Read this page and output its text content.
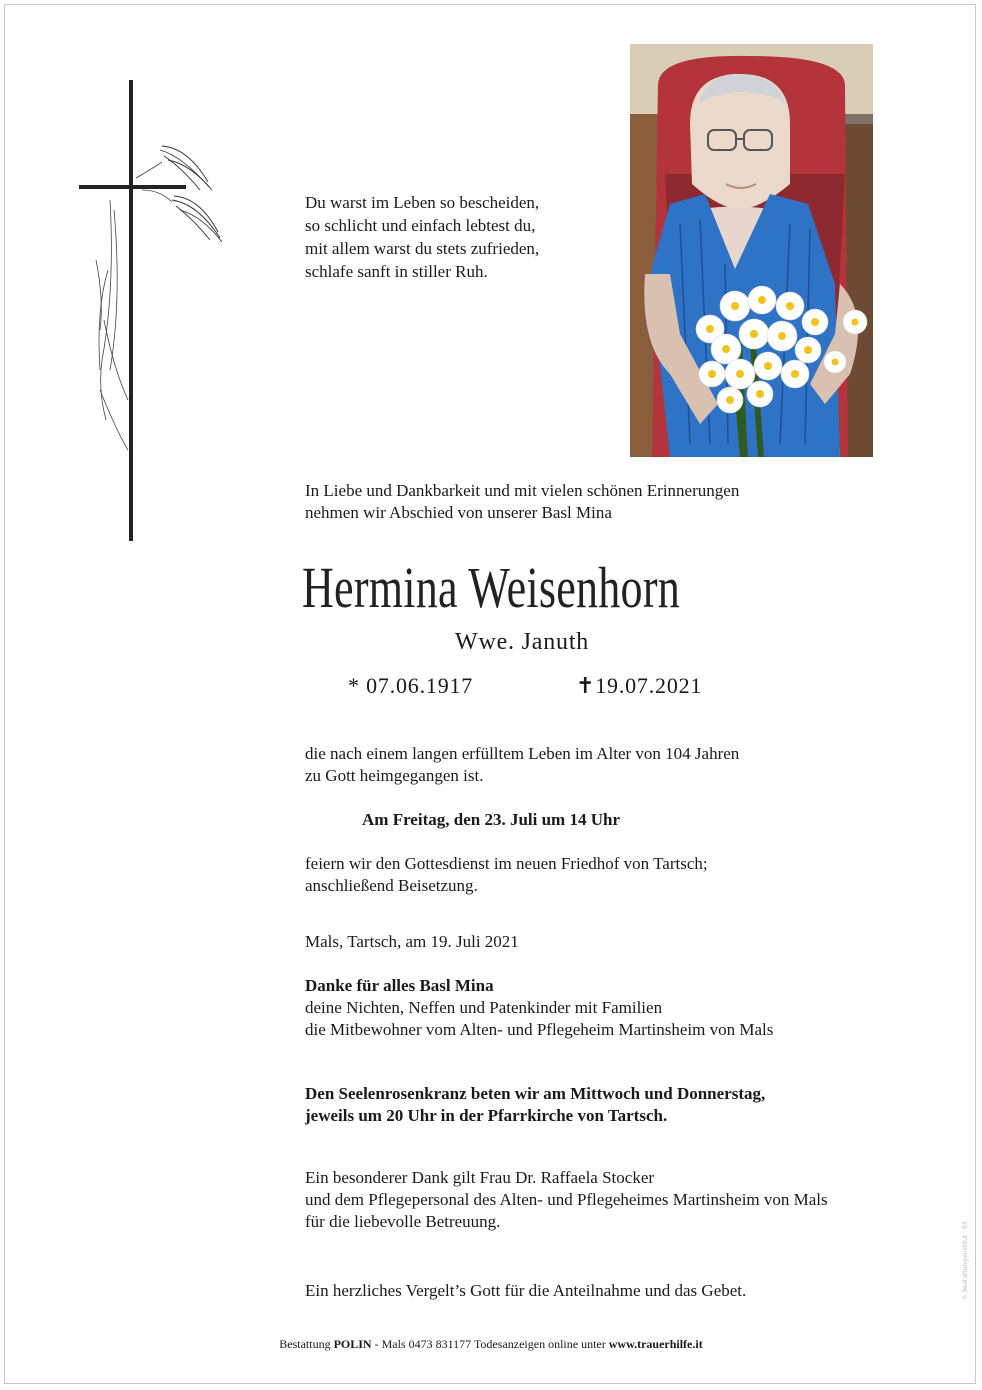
Du warst im Leben so bescheiden,
so schlicht und einfach lebtest du,
mit allem warst du stets zufrieden,
schlafe sanft in stiller Ruh.
In Liebe und Dankbarkeit und mit vielen schönen Erinnerungen
nehmen wir Abschied von unserer Basl Mina
Hermina Weisenhorn
Wwe. Januth
* 07.06.1917	✝19.07.2021
die nach einem langen erfülltem Leben im Alter von 104 Jahren
zu Gott heimgegangen ist.
Am Freitag, den 23. Juli um 14 Uhr
feiern wir den Gottesdienst im neuen Friedhof von Tartsch;
anschließend Beisetzung.
Mals, Tartsch, am 19. Juli 2021
Danke für alles Basl Mina
deine Nichten, Neffen und Patenkinder mit Familien
die Mitbewohner vom Alten- und Pflegeheim Martinsheim von Mals
Den Seelenrosenkranz beten wir am Mittwoch und Donnerstag,
jeweils um 20 Uhr in der Pfarrkirche von Tartsch.
Ein besonderer Dank gilt Frau Dr. Raffaela Stocker
und dem Pflegepersonal des Alten- und Pflegeheimes Martinsheim von Mals
für die liebevolle Betreuung.
Ein herzliches Vergelt’s Gott für die Anteilnahme und das Gebet.
Bestattung POLIN - Mals 0473 831177 Todesanzeigen online unter www.trauerhilfe.it
© Bestattungsinstitut · 03
